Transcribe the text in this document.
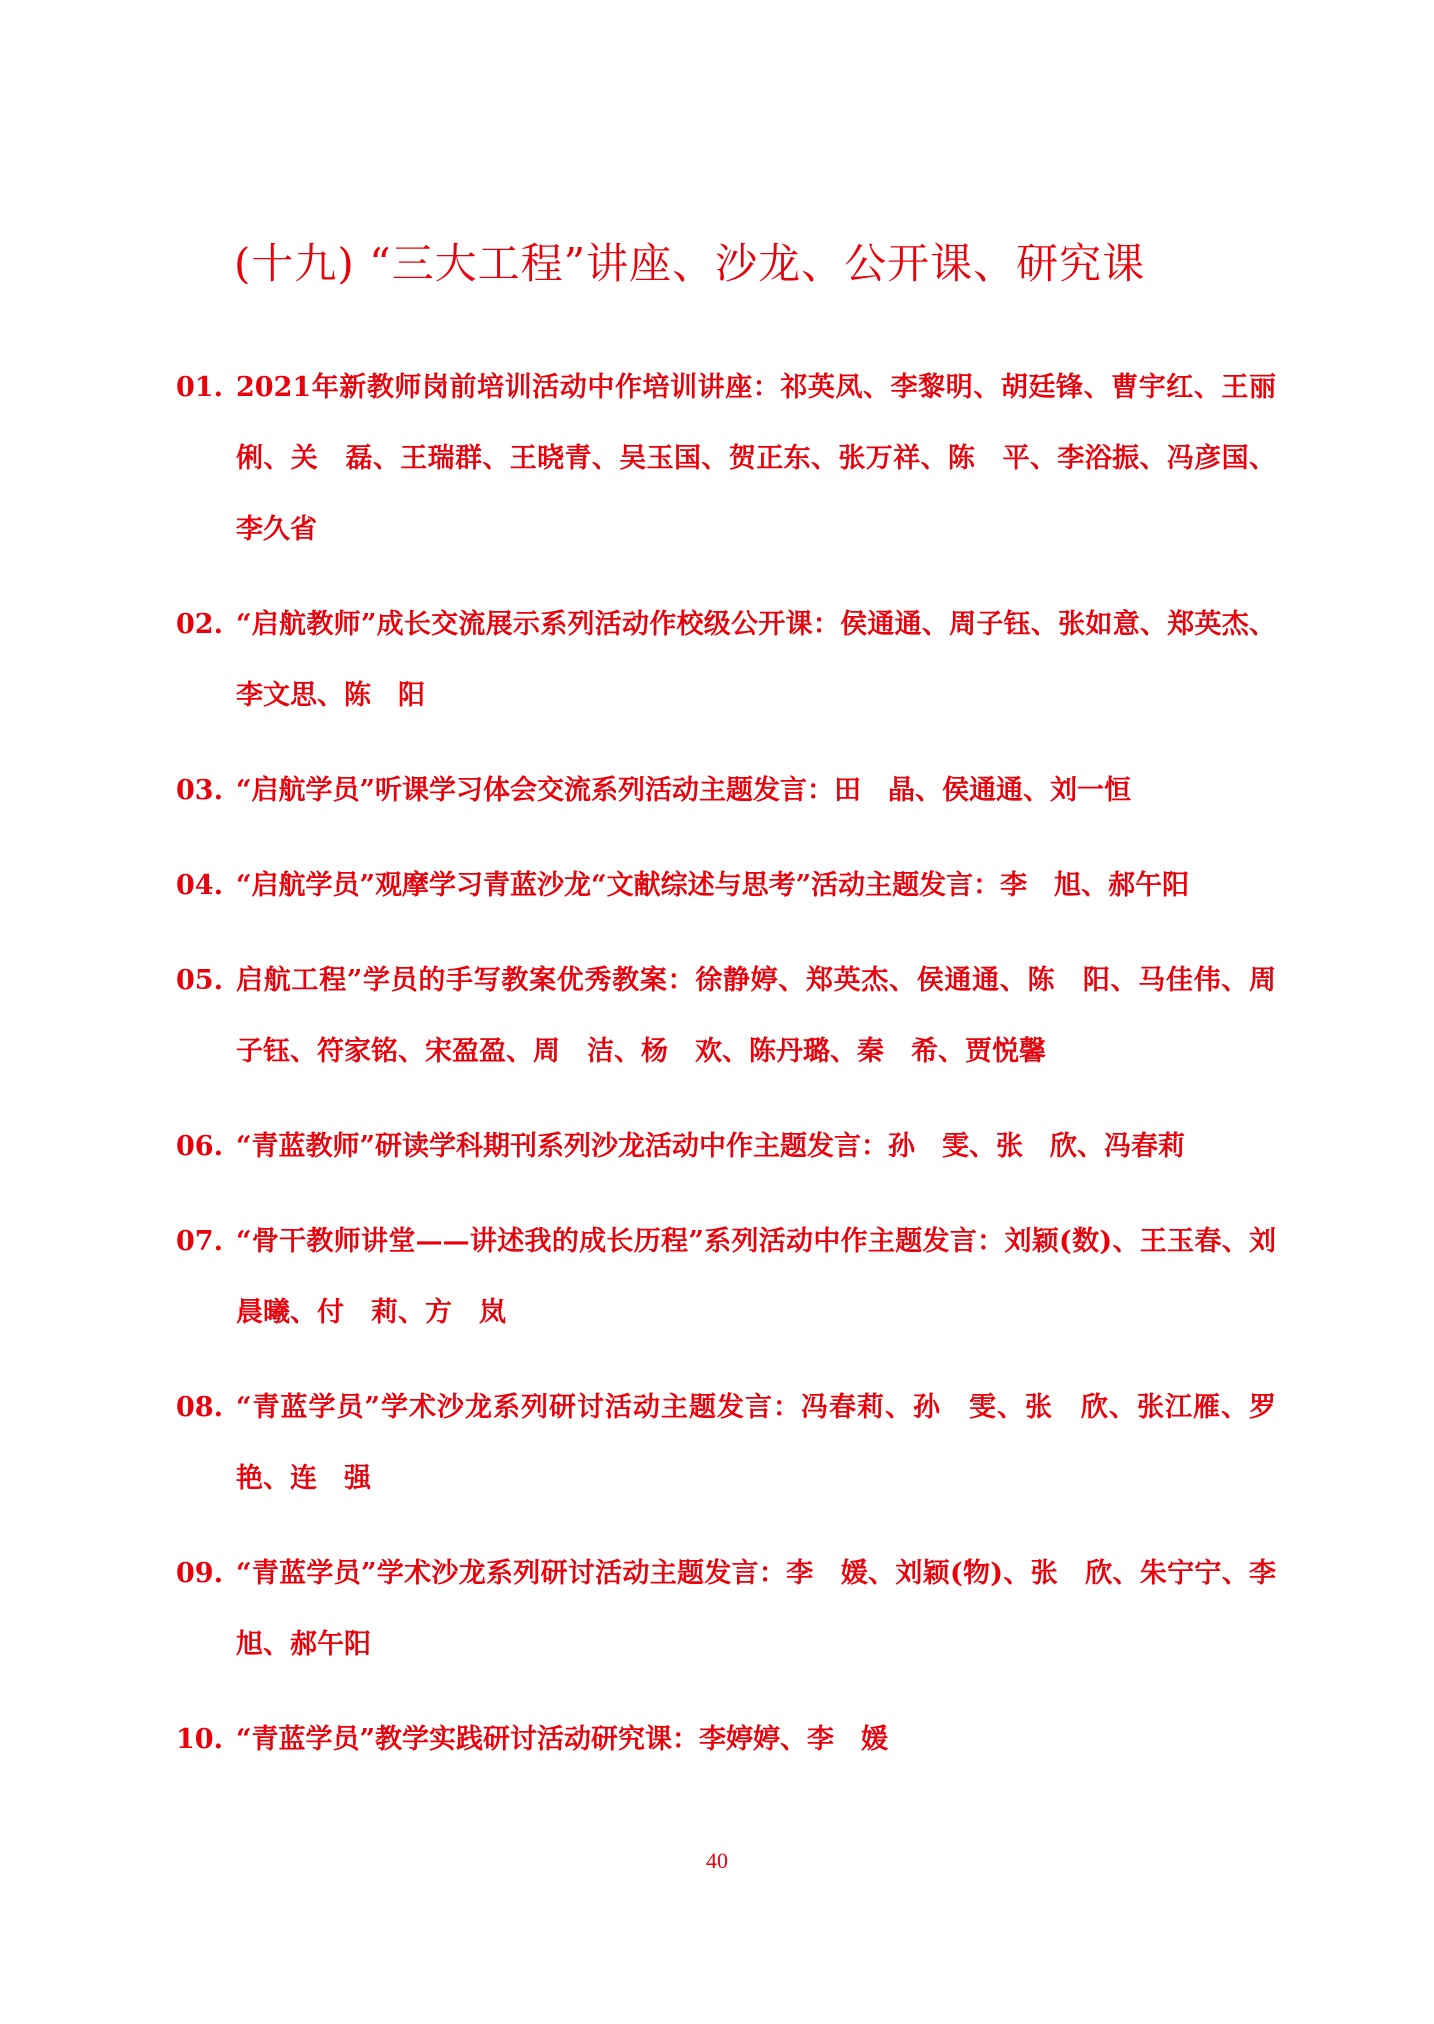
(十九) “三大工程”讲座、沙龙、公开课、研究课
01. 2021年新教师岗前培训活动中作培训讲座：祁英凤、李黎明、胡廷锋、曹宇红、王丽俐、关　磊、王瑞群、王晓青、吴玉国、贺正东、张万祥、陈　平、李浴振、冯彦国、李久省
02. “启航教师”成长交流展示系列活动作校级公开课：侯通通、周子钰、张如意、郑英杰、李文思、陈　阳
03. “启航学员”听课学习体会交流系列活动主题发言：田　晶、侯通通、刘一恒
04. “启航学员”观摩学习青蓝沙龙“文献综述与思考”活动主题发言：李　旭、郝午阳
05. 启航工程”学员的手写教案优秀教案：徐静婷、郑英杰、侯通通、陈　阳、马佳伟、周子钰、符家铭、宋盈盈、周　洁、杨　欢、陈丹璐、秦　希、贾悦馨
06. “青蓝教师”研读学科期刊系列沙龙活动中作主题发言：孙　雯、张　欣、冯春莉
07. “骨干教师讲堂——讲述我的成长历程”系列活动中作主题发言：刘颖(数)、王玉春、刘晨曦、付　莉、方　岚
08. “青蓝学员”学术沙龙系列研讨活动主题发言：冯春莉、孙　雯、张　欣、张江雁、罗　艳、连　强
09. “青蓝学员”学术沙龙系列研讨活动主题发言：李　媛、刘颖(物)、张　欣、朱宁宁、李　旭、郝午阳
10. “青蓝学员”教学实践研讨活动研究课：李婷婷、李　媛
40
